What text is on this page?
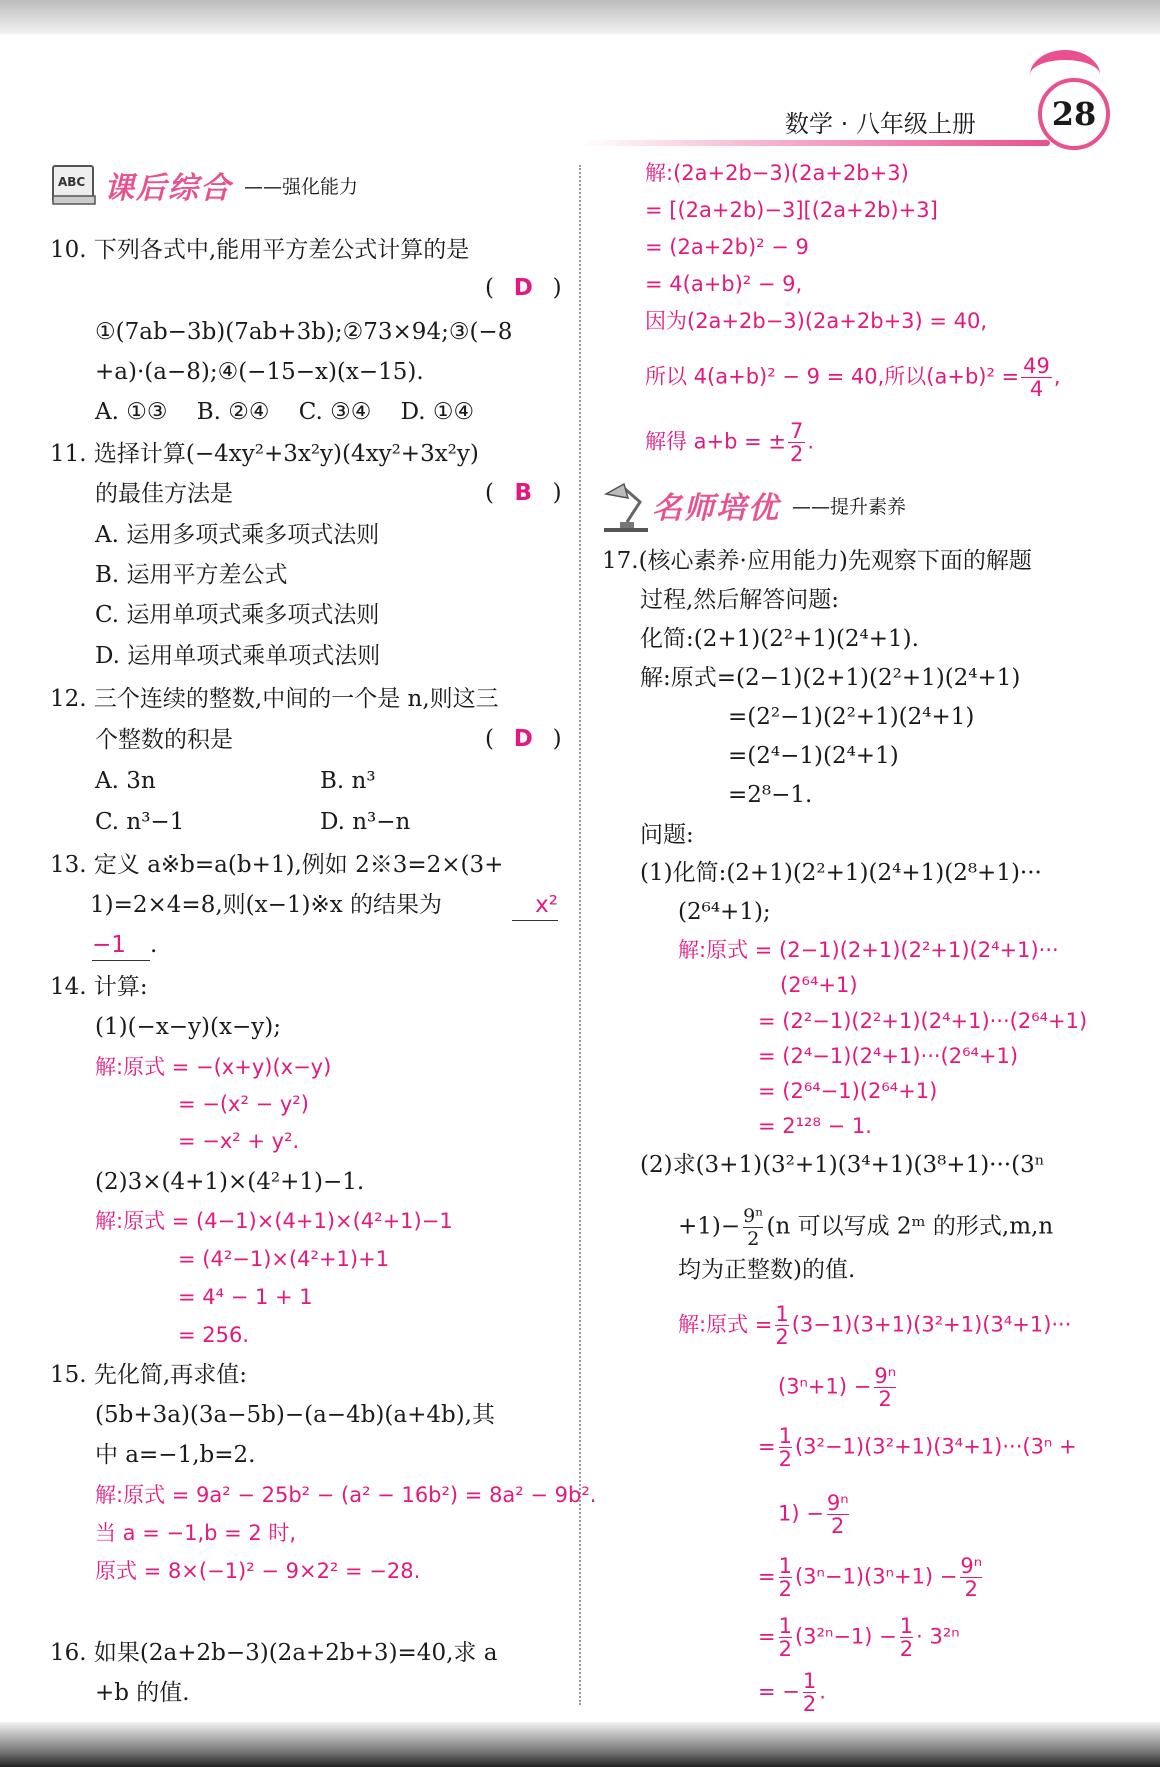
数学 · 八年级上册	28
ABC 课后综合 ——强化能力
10. 下列各式中,能用平方差公式计算的是
( D )
①(7ab−3b)(7ab+3b);②73×94;③(−8
+a)·(a−8);④(−15−x)(x−15).
A. ①③    B. ②④    C. ③④    D. ①④
11. 选择计算(−4xy²+3x²y)(4xy²+3x²y)
的最佳方法是	( B )
A. 运用多项式乘多项式法则
B. 运用平方差公式
C. 运用单项式乘多项式法则
D. 运用单项式乘单项式法则
12. 三个连续的整数,中间的一个是 n,则这三
个整数的积是	( D )
A. 3n	B. n³
C. n³−1	D. n³−n
13. 定义 a※b=a(b+1),例如 2※3=2×(3+
1)=2×4=8,则(x−1)※x 的结果为	x²
−1 .
14. 计算:
(1)(−x−y)(x−y);
解:原式 = −(x+y)(x−y)
= −(x² − y²)
= −x² + y².
(2)3×(4+1)×(4²+1)−1.
解:原式 = (4−1)×(4+1)×(4²+1)−1
= (4²−1)×(4²+1)+1
= 4⁴ − 1 + 1
= 256.
15. 先化简,再求值:
(5b+3a)(3a−5b)−(a−4b)(a+4b),其
中 a=−1,b=2.
解:原式 = 9a² − 25b² − (a² − 16b²) = 8a² − 9b².
当 a = −1,b = 2 时,
原式 = 8×(−1)² − 9×2² = −28.
16. 如果(2a+2b−3)(2a+2b+3)=40,求 a
+b 的值.
解:(2a+2b−3)(2a+2b+3)
= [(2a+2b)−3][(2a+2b)+3]
= (2a+2b)² − 9
= 4(a+b)² − 9,
因为(2a+2b−3)(2a+2b+3) = 40,
所以 4(a+b)² − 9 = 40,所以$(a+b)^2 = \frac{49}{4}$ ,
解得 a+b = ± $\frac{7}{2}$ .
名师培优 ——提升素养
17.(核心素养·应用能力)先观察下面的解题
过程,然后解答问题:
化简:(2+1)(2²+1)(2⁴+1).
解:原式=(2−1)(2+1)(2²+1)(2⁴+1)
=(2²−1)(2²+1)(2⁴+1)
=(2⁴−1)(2⁴+1)
=2⁸−1.
问题:
(1)化简:(2+1)(2²+1)(2⁴+1)(2⁸+1)···
(2⁶⁴+1);
解:原式 = (2−1)(2+1)(2²+1)(2⁴+1)···
(2⁶⁴+1)
= (2²−1)(2²+1)(2⁴+1)···(2⁶⁴+1)
= (2⁴−1)(2⁴+1)···(2⁶⁴+1)
= (2⁶⁴−1)(2⁶⁴+1)
= 2¹²⁸ − 1.
(2)求(3+1)(3²+1)(3⁴+1)(3⁸+1)···(3ⁿ
$+1)- \frac{\text{9ⁿ}}{2} (n$ 可以写成 2ᵐ 的形式,m,n
均为正整数)的值.
解:原式 = $\frac{1}{2} (3-1)(3+1)(3^2+1)(3^4+1)\cdot\cdot\cdot$
$(3^n+1) - \frac{\text{9ⁿ}}{2}$
= $\frac{1}{2} (3^2-1)(3^2+1)(3^4+1)\cdot\cdot\cdot(3^n$ +
$1) - \frac{\text{9ⁿ}}{2}$
= $\frac{1}{2} (3^n-1)(3^n+1) - \frac{\text{9ⁿ}}{2}$
= $\frac{1}{2} (3^{2n}-1) - \frac{1}{2} \cdot 3^{2n}$
= − $\frac{1}{2}$ .
